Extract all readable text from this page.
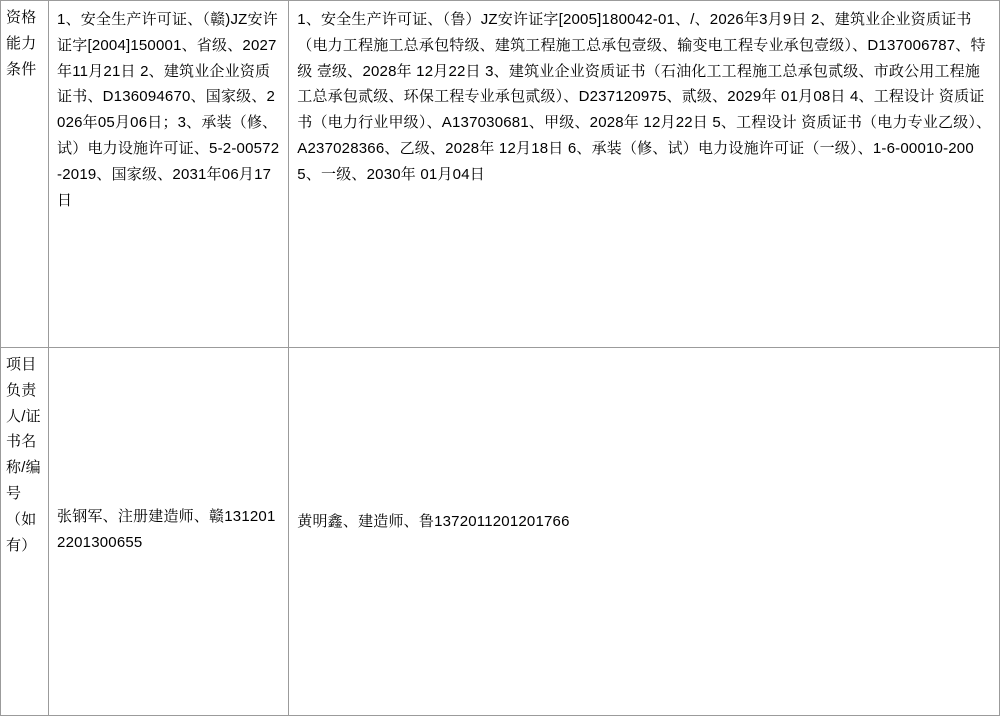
资格能力条件	1、安全生产许可证、（赣)JZ安许证字[2004]150001、省级、2027年11月21日 2、建筑业企业资质证书、D136094670、国家级、2026年05月06日；3、承装（修、试）电力设施许可证、5-2-00572-2019、国家级、2031年06月17日	1、安全生产许可证、（鲁）JZ安许证字[2005]180042-01、/、2026年3月9日 2、建筑业企业资质证书（电力工程施工总承包特级、建筑工程施工总承包壹级、输变电工程专业承包壹级）、D137006787、特级 壹级、2028年 12月22日 3、建筑业企业资质证书（石油化工工程施工总承包贰级、市政公用工程施工总承包贰级、环保工程专业承包贰级）、D237120975、贰级、2029年 01月08日 4、工程设计 资质证书（电力行业甲级）、A137030681、甲级、2028年 12月22日 5、工程设计 资质证书（电力专业乙级）、A237028366、乙级、2028年 12月18日 6、承装（修、试）电力设施许可证（一级）、1-6-00010-2005、一级、2030年 01月04日

项目负责人/证书名称/编号（如有）	张钢军、注册建造师、赣1312012201300655	黄明鑫、建造师、鲁1372011201201766
